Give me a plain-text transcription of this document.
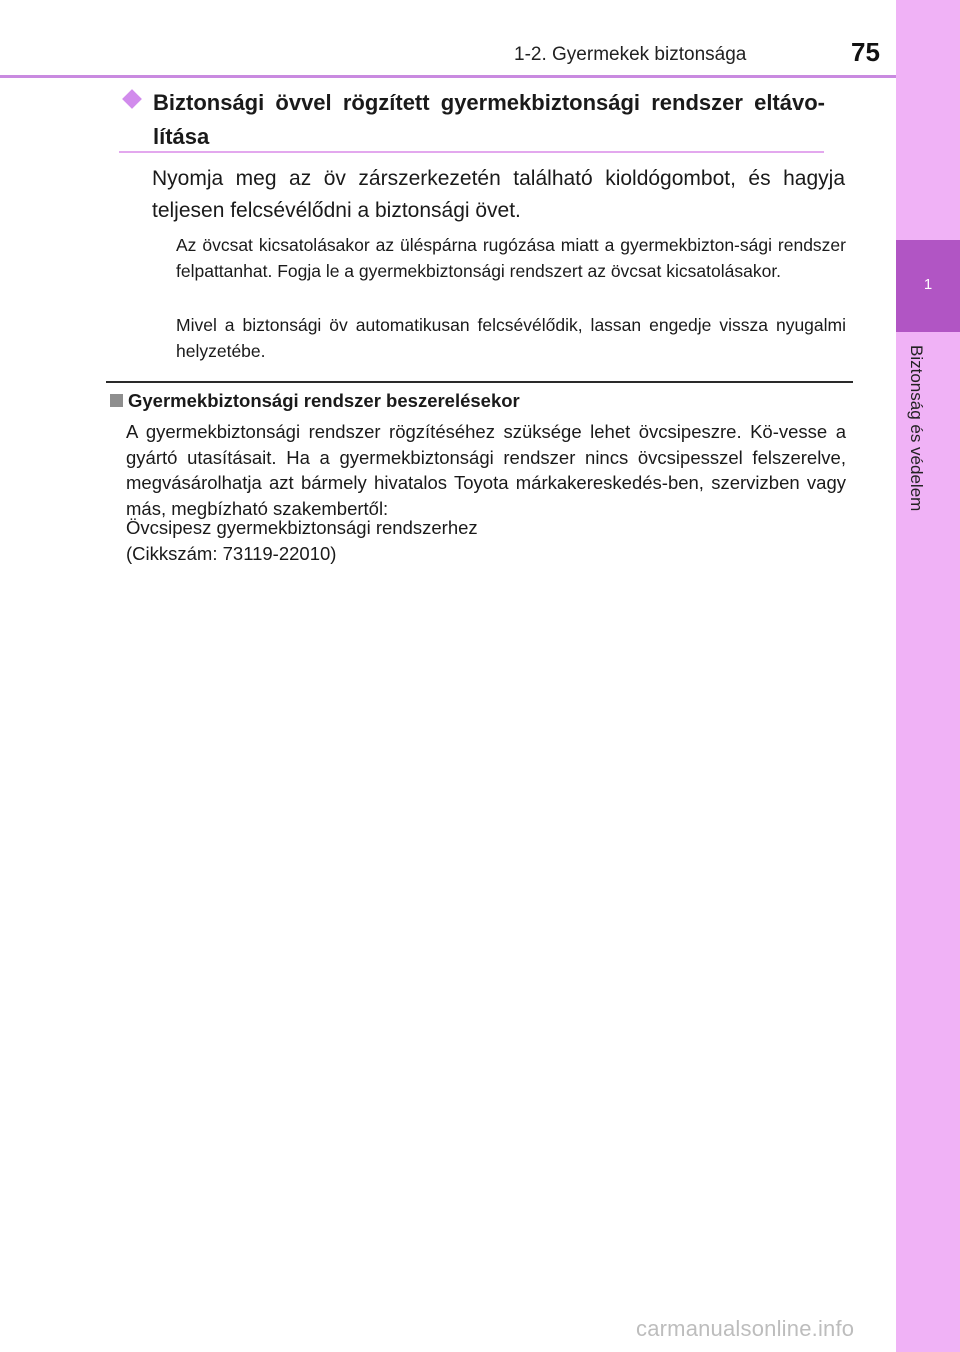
1-2. Gyermekek biztonsága	75
1
Biztonság és védelem
Biztonsági övvel rögzített gyermekbiztonsági rendszer eltávo-lítása
Nyomja meg az öv zárszerkezetén található kioldógombot, és hagyja teljesen felcsévélődni a biztonsági övet.
Az övcsat kicsatolásakor az üléspárna rugózása miatt a gyermekbizton-sági rendszer felpattanhat. Fogja le a gyermekbiztonsági rendszert az övcsat kicsatolásakor.
Mivel a biztonsági öv automatikusan felcsévélődik, lassan engedje vissza nyugalmi helyzetébe.
Gyermekbiztonsági rendszer beszerelésekor
A gyermekbiztonsági rendszer rögzítéséhez szüksége lehet övcsipeszre. Kö-vesse a gyártó utasításait. Ha a gyermekbiztonsági rendszer nincs övcsipesszel felszerelve, megvásárolhatja azt bármely hivatalos Toyota márkakereskedés-ben, szervizben vagy más, megbízható szakembertől:
Övcsipesz gyermekbiztonsági rendszerhez
(Cikkszám: 73119-22010)
carmanualsonline.info
